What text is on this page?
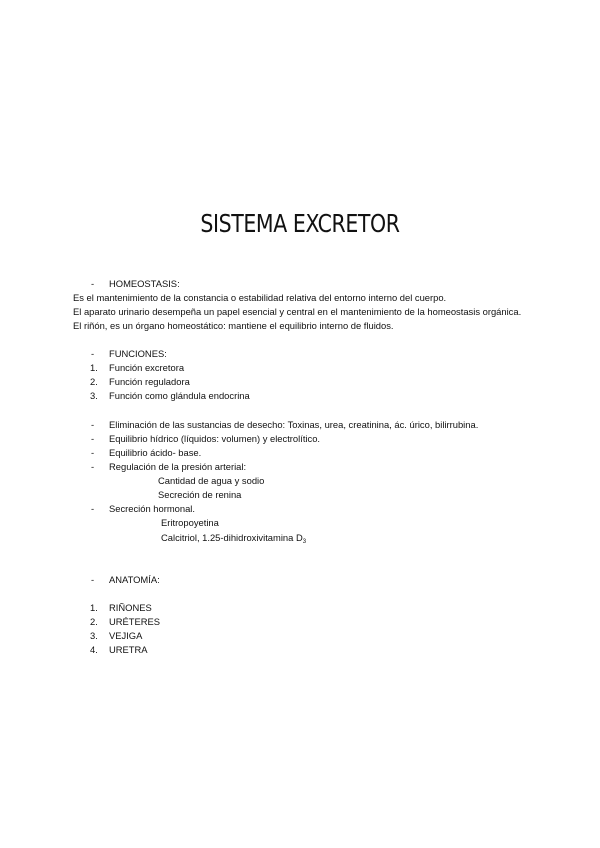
SISTEMA EXCRETOR
- HOMEOSTASIS:
Es el mantenimiento de la constancia o estabilidad relativa del entorno interno del cuerpo.
El aparato urinario desempeña un papel esencial y central en el mantenimiento de la homeostasis orgánica.
El riñón, es un órgano homeostático: mantiene el equilibrio interno de fluidos.
- FUNCIONES:
1. Función excretora
2. Función reguladora
3. Función como glándula endocrina
- Eliminación de las sustancias de desecho: Toxinas, urea, creatinina, ác. úrico, bilirrubina.
- Equilibrio hídrico (líquidos: volumen) y electrolítico.
- Equilibrio ácido- base.
- Regulación de la presión arterial:
Cantidad de agua y sodio
Secreción de renina
- Secreción hormonal.
Eritropoyetina
Calcitriol, 1.25-dihidroxivitamina $D_3$
- ANATOMÍA:
1. RIÑONES
2. URÉTERES
3. VEJIGA
4. URETRA
